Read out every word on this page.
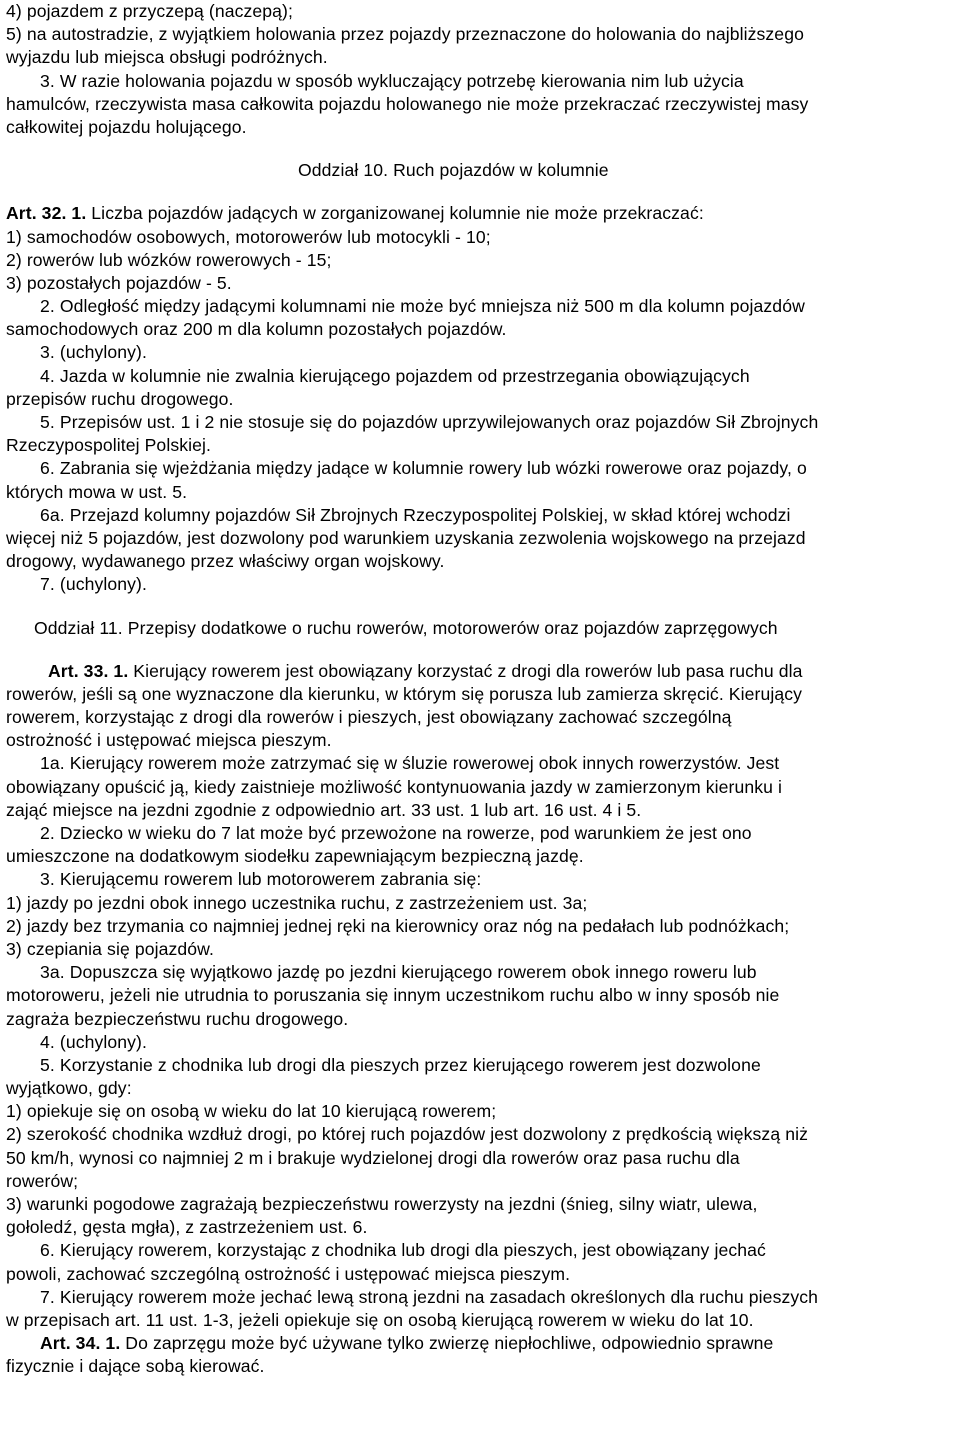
4) pojazdem z przyczepą (naczepą);
5) na autostradzie, z wyjątkiem holowania przez pojazdy przeznaczone do holowania do najbliższego
wyjazdu lub miejsca obsługi podróżnych.
3. W razie holowania pojazdu w sposób wykluczający potrzebę kierowania nim lub użycia
hamulców, rzeczywista masa całkowita pojazdu holowanego nie może przekraczać rzeczywistej masy
całkowitej pojazdu holującego.
Oddział 10. Ruch pojazdów w kolumnie
Art. 32. 1. Liczba pojazdów jadących w zorganizowanej kolumnie nie może przekraczać:
1) samochodów osobowych, motorowerów lub motocykli - 10;
2) rowerów lub wózków rowerowych - 15;
3) pozostałych pojazdów - 5.
2. Odległość między jadącymi kolumnami nie może być mniejsza niż 500 m dla kolumn pojazdów
samochodowych oraz 200 m dla kolumn pozostałych pojazdów.
3. (uchylony).
4. Jazda w kolumnie nie zwalnia kierującego pojazdem od przestrzegania obowiązujących
przepisów ruchu drogowego.
5. Przepisów ust. 1 i 2 nie stosuje się do pojazdów uprzywilejowanych oraz pojazdów Sił Zbrojnych
Rzeczypospolitej Polskiej.
6. Zabrania się wjeżdżania między jadące w kolumnie rowery lub wózki rowerowe oraz pojazdy, o
których mowa w ust. 5.
6a. Przejazd kolumny pojazdów Sił Zbrojnych Rzeczypospolitej Polskiej, w skład której wchodzi
więcej niż 5 pojazdów, jest dozwolony pod warunkiem uzyskania zezwolenia wojskowego na przejazd
drogowy, wydawanego przez właściwy organ wojskowy.
7. (uchylony).
Oddział 11. Przepisy dodatkowe o ruchu rowerów, motorowerów oraz pojazdów zaprzęgowych
Art. 33. 1. Kierujący rowerem jest obowiązany korzystać z drogi dla rowerów lub pasa ruchu dla
rowerów, jeśli są one wyznaczone dla kierunku, w którym się porusza lub zamierza skręcić. Kierujący
rowerem, korzystając z drogi dla rowerów i pieszych, jest obowiązany zachować szczególną
ostrożność i ustępować miejsca pieszym.
1a. Kierujący rowerem może zatrzymać się w śluzie rowerowej obok innych rowerzystów. Jest
obowiązany opuścić ją, kiedy zaistnieje możliwość kontynuowania jazdy w zamierzonym kierunku i
zająć miejsce na jezdni zgodnie z odpowiednio art. 33 ust. 1 lub art. 16 ust. 4 i 5.
2. Dziecko w wieku do 7 lat może być przewożone na rowerze, pod warunkiem że jest ono
umieszczone na dodatkowym siodełku zapewniającym bezpieczną jazdę.
3. Kierującemu rowerem lub motorowerem zabrania się:
1) jazdy po jezdni obok innego uczestnika ruchu, z zastrzeżeniem ust. 3a;
2) jazdy bez trzymania co najmniej jednej ręki na kierownicy oraz nóg na pedałach lub podnóżkach;
3) czepiania się pojazdów.
3a. Dopuszcza się wyjątkowo jazdę po jezdni kierującego rowerem obok innego roweru lub
motoroweru, jeżeli nie utrudnia to poruszania się innym uczestnikom ruchu albo w inny sposób nie
zagraża bezpieczeństwu ruchu drogowego.
4. (uchylony).
5. Korzystanie z chodnika lub drogi dla pieszych przez kierującego rowerem jest dozwolone
wyjątkowo, gdy:
1) opiekuje się on osobą w wieku do lat 10 kierującą rowerem;
2) szerokość chodnika wzdłuż drogi, po której ruch pojazdów jest dozwolony z prędkością większą niż
50 km/h, wynosi co najmniej 2 m i brakuje wydzielonej drogi dla rowerów oraz pasa ruchu dla
rowerów;
3) warunki pogodowe zagrażają bezpieczeństwu rowerzysty na jezdni (śnieg, silny wiatr, ulewa,
gołoledź, gęsta mgła), z zastrzeżeniem ust. 6.
6. Kierujący rowerem, korzystając z chodnika lub drogi dla pieszych, jest obowiązany jechać
powoli, zachować szczególną ostrożność i ustępować miejsca pieszym.
7. Kierujący rowerem może jechać lewą stroną jezdni na zasadach określonych dla ruchu pieszych
w przepisach art. 11 ust. 1-3, jeżeli opiekuje się on osobą kierującą rowerem w wieku do lat 10.
Art. 34. 1. Do zaprzęgu może być używane tylko zwierzę niepłochliwe, odpowiednio sprawne
fizycznie i dające sobą kierować.
